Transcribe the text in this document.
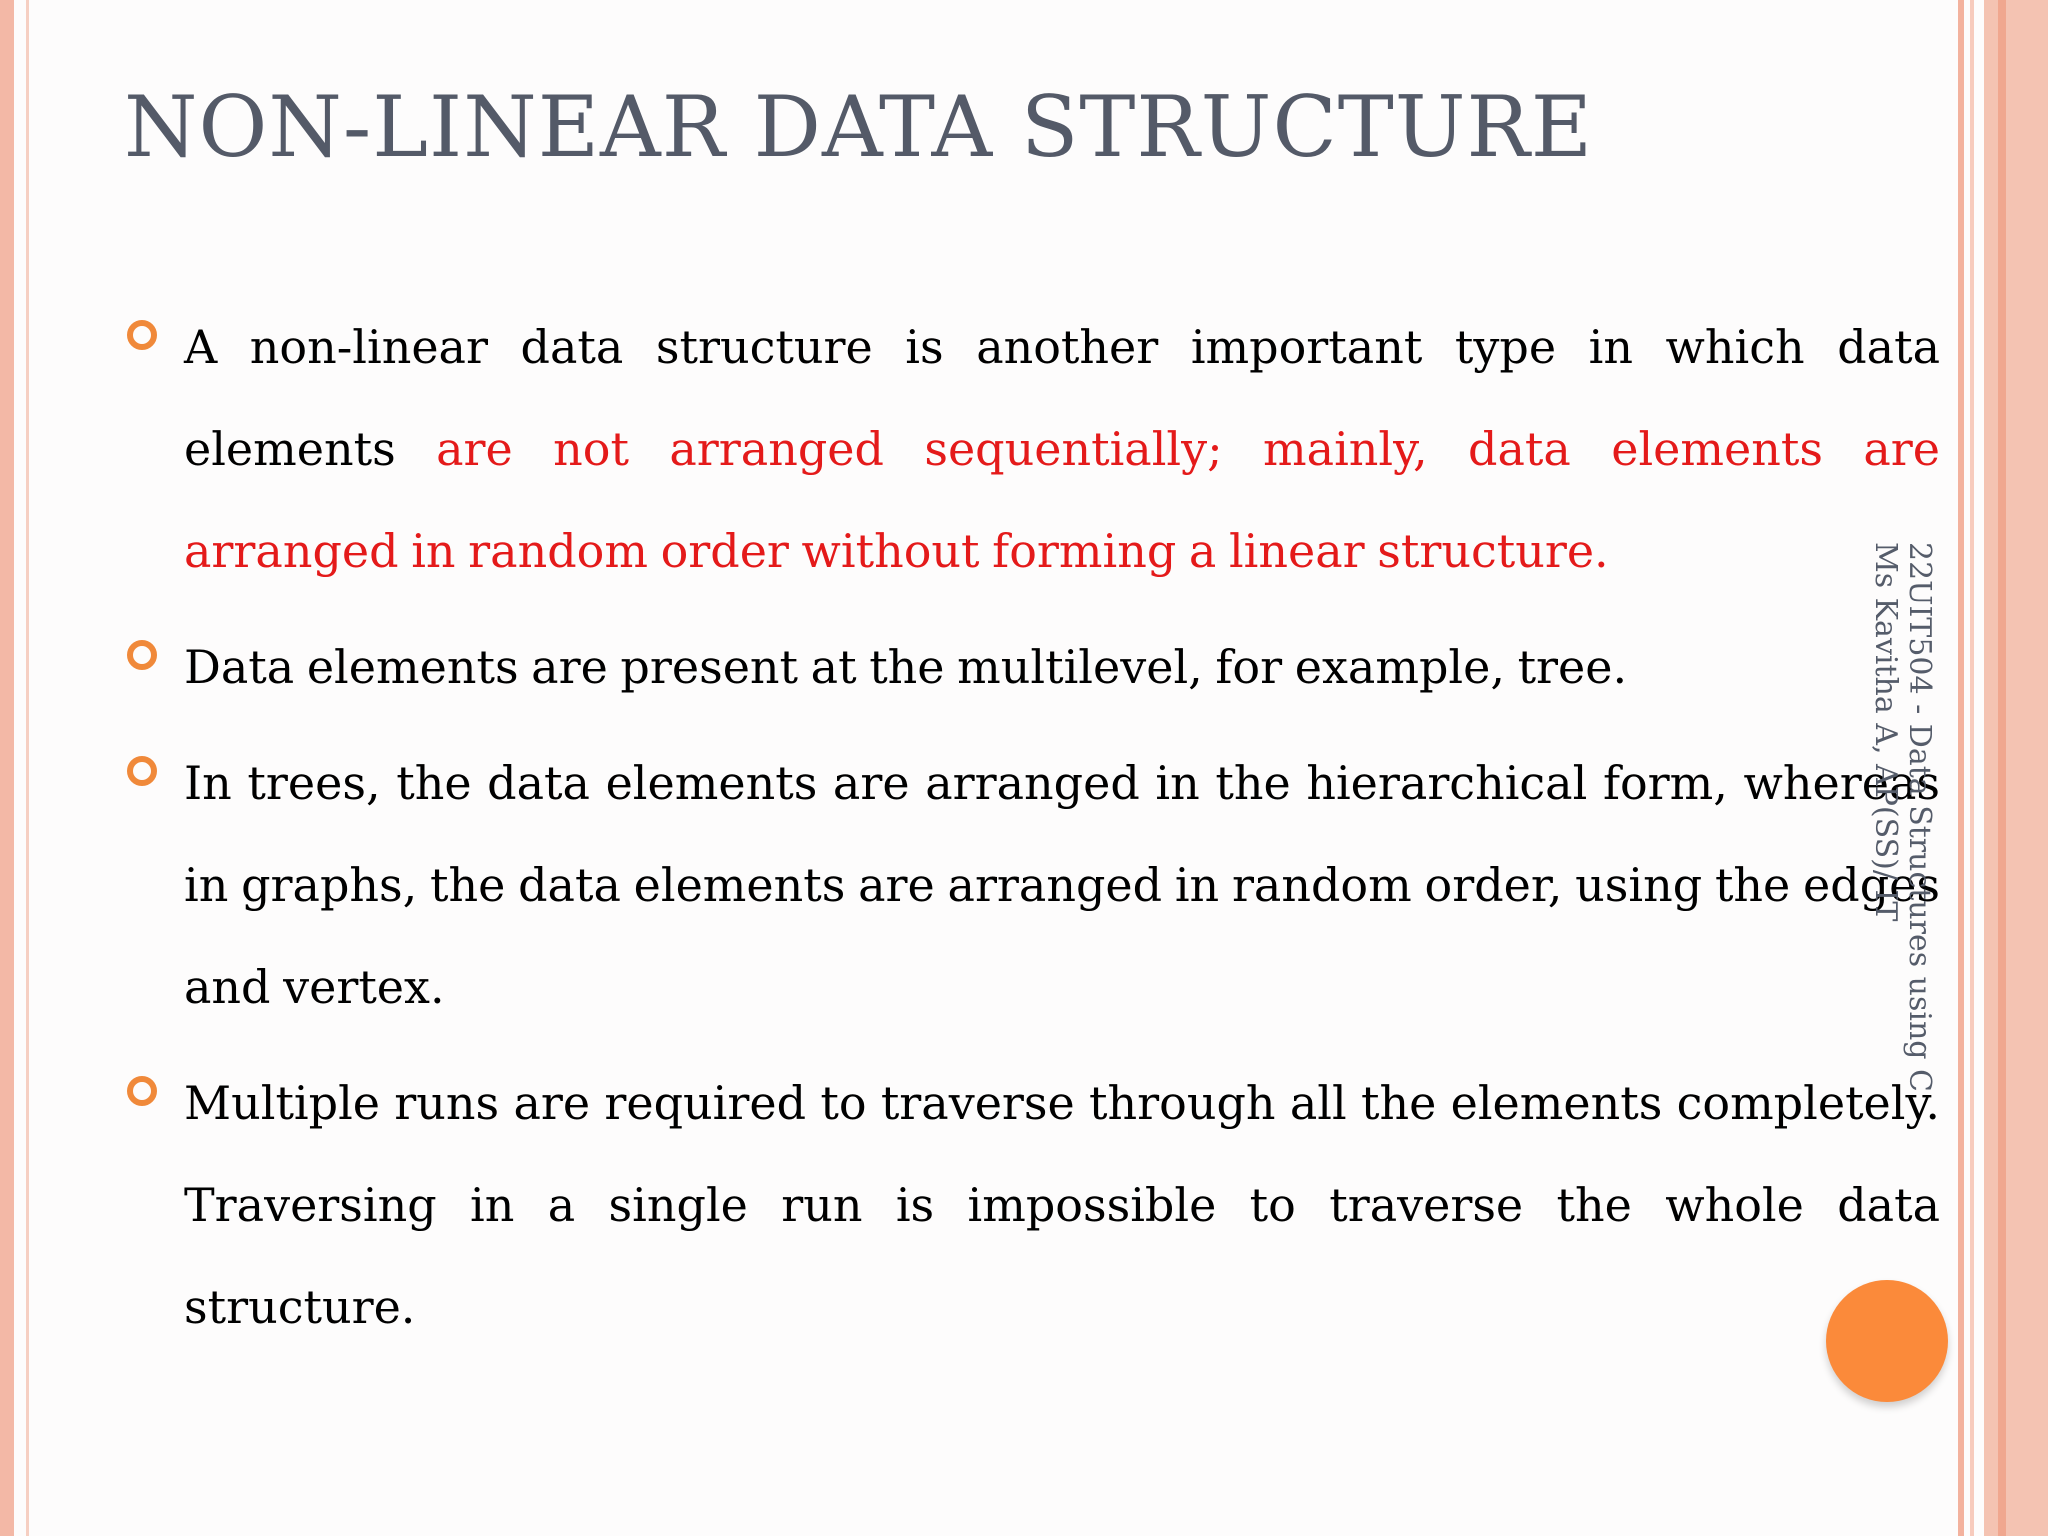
NON-LINEAR DATA STRUCTURE
A non-linear data structure is another important type in which data elements are not arranged sequentially; mainly, data elements are arranged in random order without forming a linear structure.
Data elements are present at the multilevel, for example, tree.
In trees, the data elements are arranged in the hierarchical form, whereas in graphs, the data elements are arranged in random order, using the edges and vertex.
Multiple runs are required to traverse through all the elements completely. Traversing in a single run is impossible to traverse the whole data structure.
22UIT504 - Data Structures using C
Ms Kavitha A, AP(SS)/ IT
